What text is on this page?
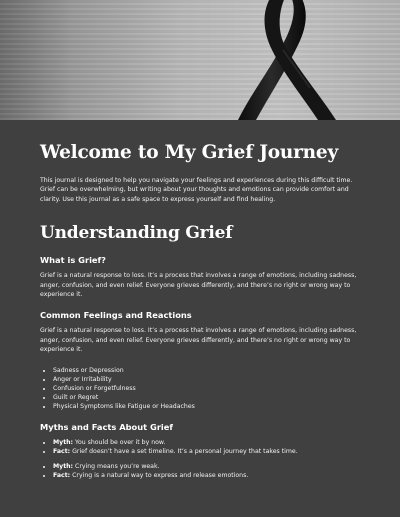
Welcome to My Grief Journey

This journal is designed to help you navigate your feelings and experiences during this difficult time. Grief can be overwhelming, but writing about your thoughts and emotions can provide comfort and clarity. Use this journal as a safe space to express yourself and find healing.

Understanding Grief
What is Grief?

Grief is a natural response to loss. It’s a process that involves a range of emotions, including sadness, anger, confusion, and even relief. Everyone grieves differently, and there’s no right or wrong way to experience it.

Common Feelings and Reactions

Grief is a natural response to loss. It’s a process that involves a range of emotions, including sadness, anger, confusion, and even relief. Everyone grieves differently, and there’s no right or wrong way to experience it.

• Sadness or Depression
• Anger or Irritability
• Confusion or Forgetfulness
• Guilt or Regret
• Physical Symptoms like Fatigue or Headaches
Myths and Facts About Grief
• Myth: You should be over it by now.
• Fact: Grief doesn’t have a set timeline. It’s a personal journey that takes time.
• Myth: Crying means you’re weak.
• Fact: Crying is a natural way to express and release emotions.
